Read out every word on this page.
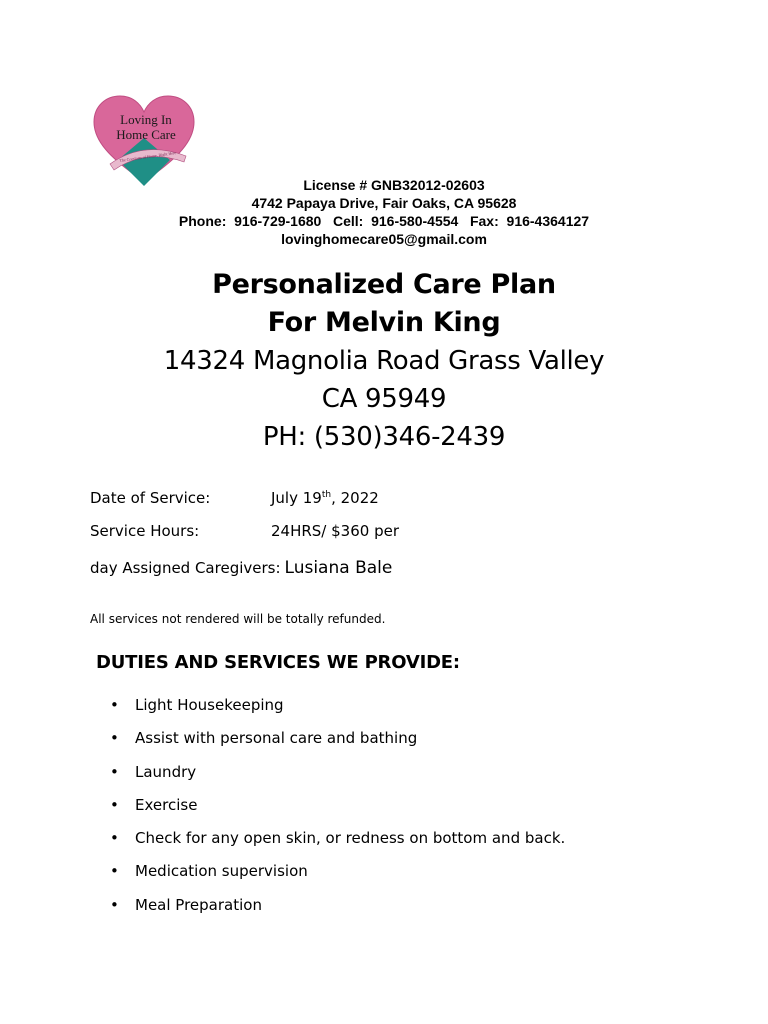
Loving In
Home Care
The Comforts of Home, Right Here
License # GNB32012-02603
4742 Papaya Drive, Fair Oaks, CA 95628
Phone:  916-729-1680   Cell:  916-580-4554   Fax:  916-4364127
lovinghomecare05@gmail.com
Personalized Care Plan
For Melvin King
14324 Magnolia Road Grass Valley
CA 95949
PH: (530)346-2439
Date of Service:	July 19th, 2022
Service Hours:	24HRS/ $360 per
day Assigned Caregivers: Lusiana Bale
All services not rendered will be totally refunded.
DUTIES AND SERVICES WE PROVIDE:
• Light Housekeeping
• Assist with personal care and bathing
• Laundry
• Exercise
• Check for any open skin, or redness on bottom and back.
• Medication supervision
• Meal Preparation
